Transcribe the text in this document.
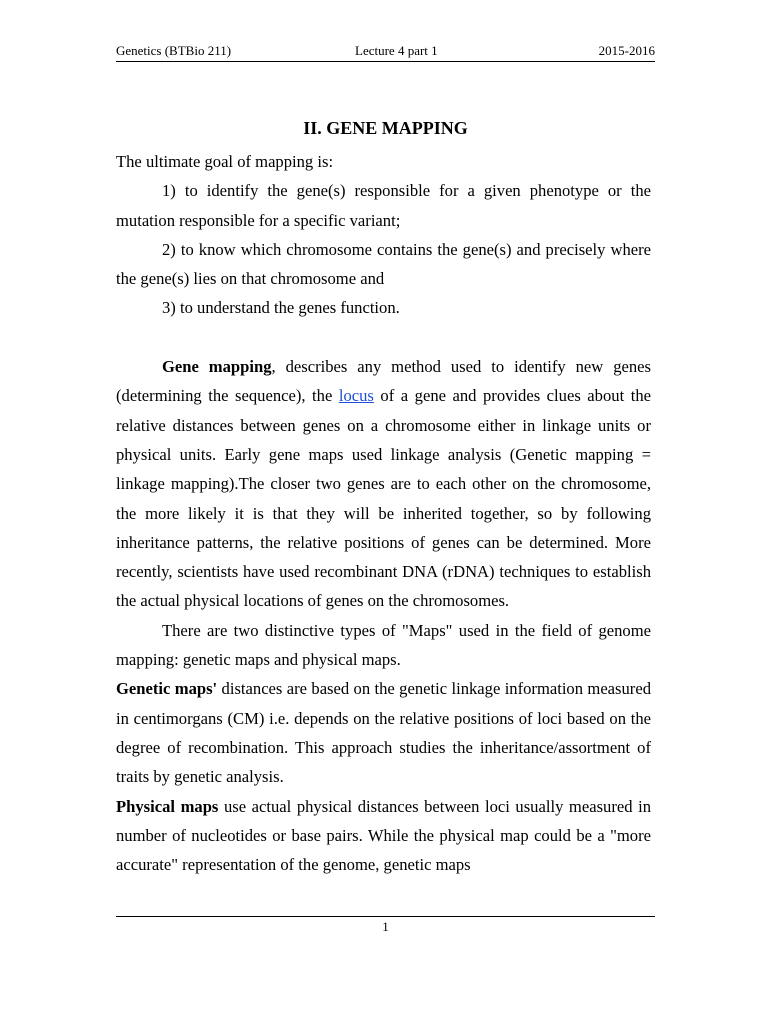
Genetics (BTBio 211)	Lecture 4 part 1	2015-2016
II. GENE MAPPING

The ultimate goal of mapping is:

1) to identify the gene(s) responsible for a given phenotype or the mutation responsible for a specific variant;

2) to know which chromosome contains the gene(s) and precisely where the gene(s) lies on that chromosome and

3) to understand the genes function.

Gene mapping, describes any method used to identify new genes (determining the sequence), the locus of a gene and provides clues about the relative distances between genes on a chromosome either in linkage units or physical units. Early gene maps used linkage analysis (Genetic mapping = linkage mapping).The closer two genes are to each other on the chromosome, the more likely it is that they will be inherited together, so by following inheritance patterns, the relative positions of genes can be determined. More recently, scientists have used recombinant DNA (rDNA) techniques to establish the actual physical locations of genes on the chromosomes.

There are two distinctive types of "Maps" used in the field of genome mapping: genetic maps and physical maps.

Genetic maps' distances are based on the genetic linkage information measured in centimorgans (CM) i.e. depends on the relative positions of loci based on the degree of recombination. This approach studies the inheritance/assortment of traits by genetic analysis.

Physical maps use actual physical distances between loci usually measured in number of nucleotides or base pairs. While the physical map could be a "more accurate" representation of the genome, genetic maps

1
